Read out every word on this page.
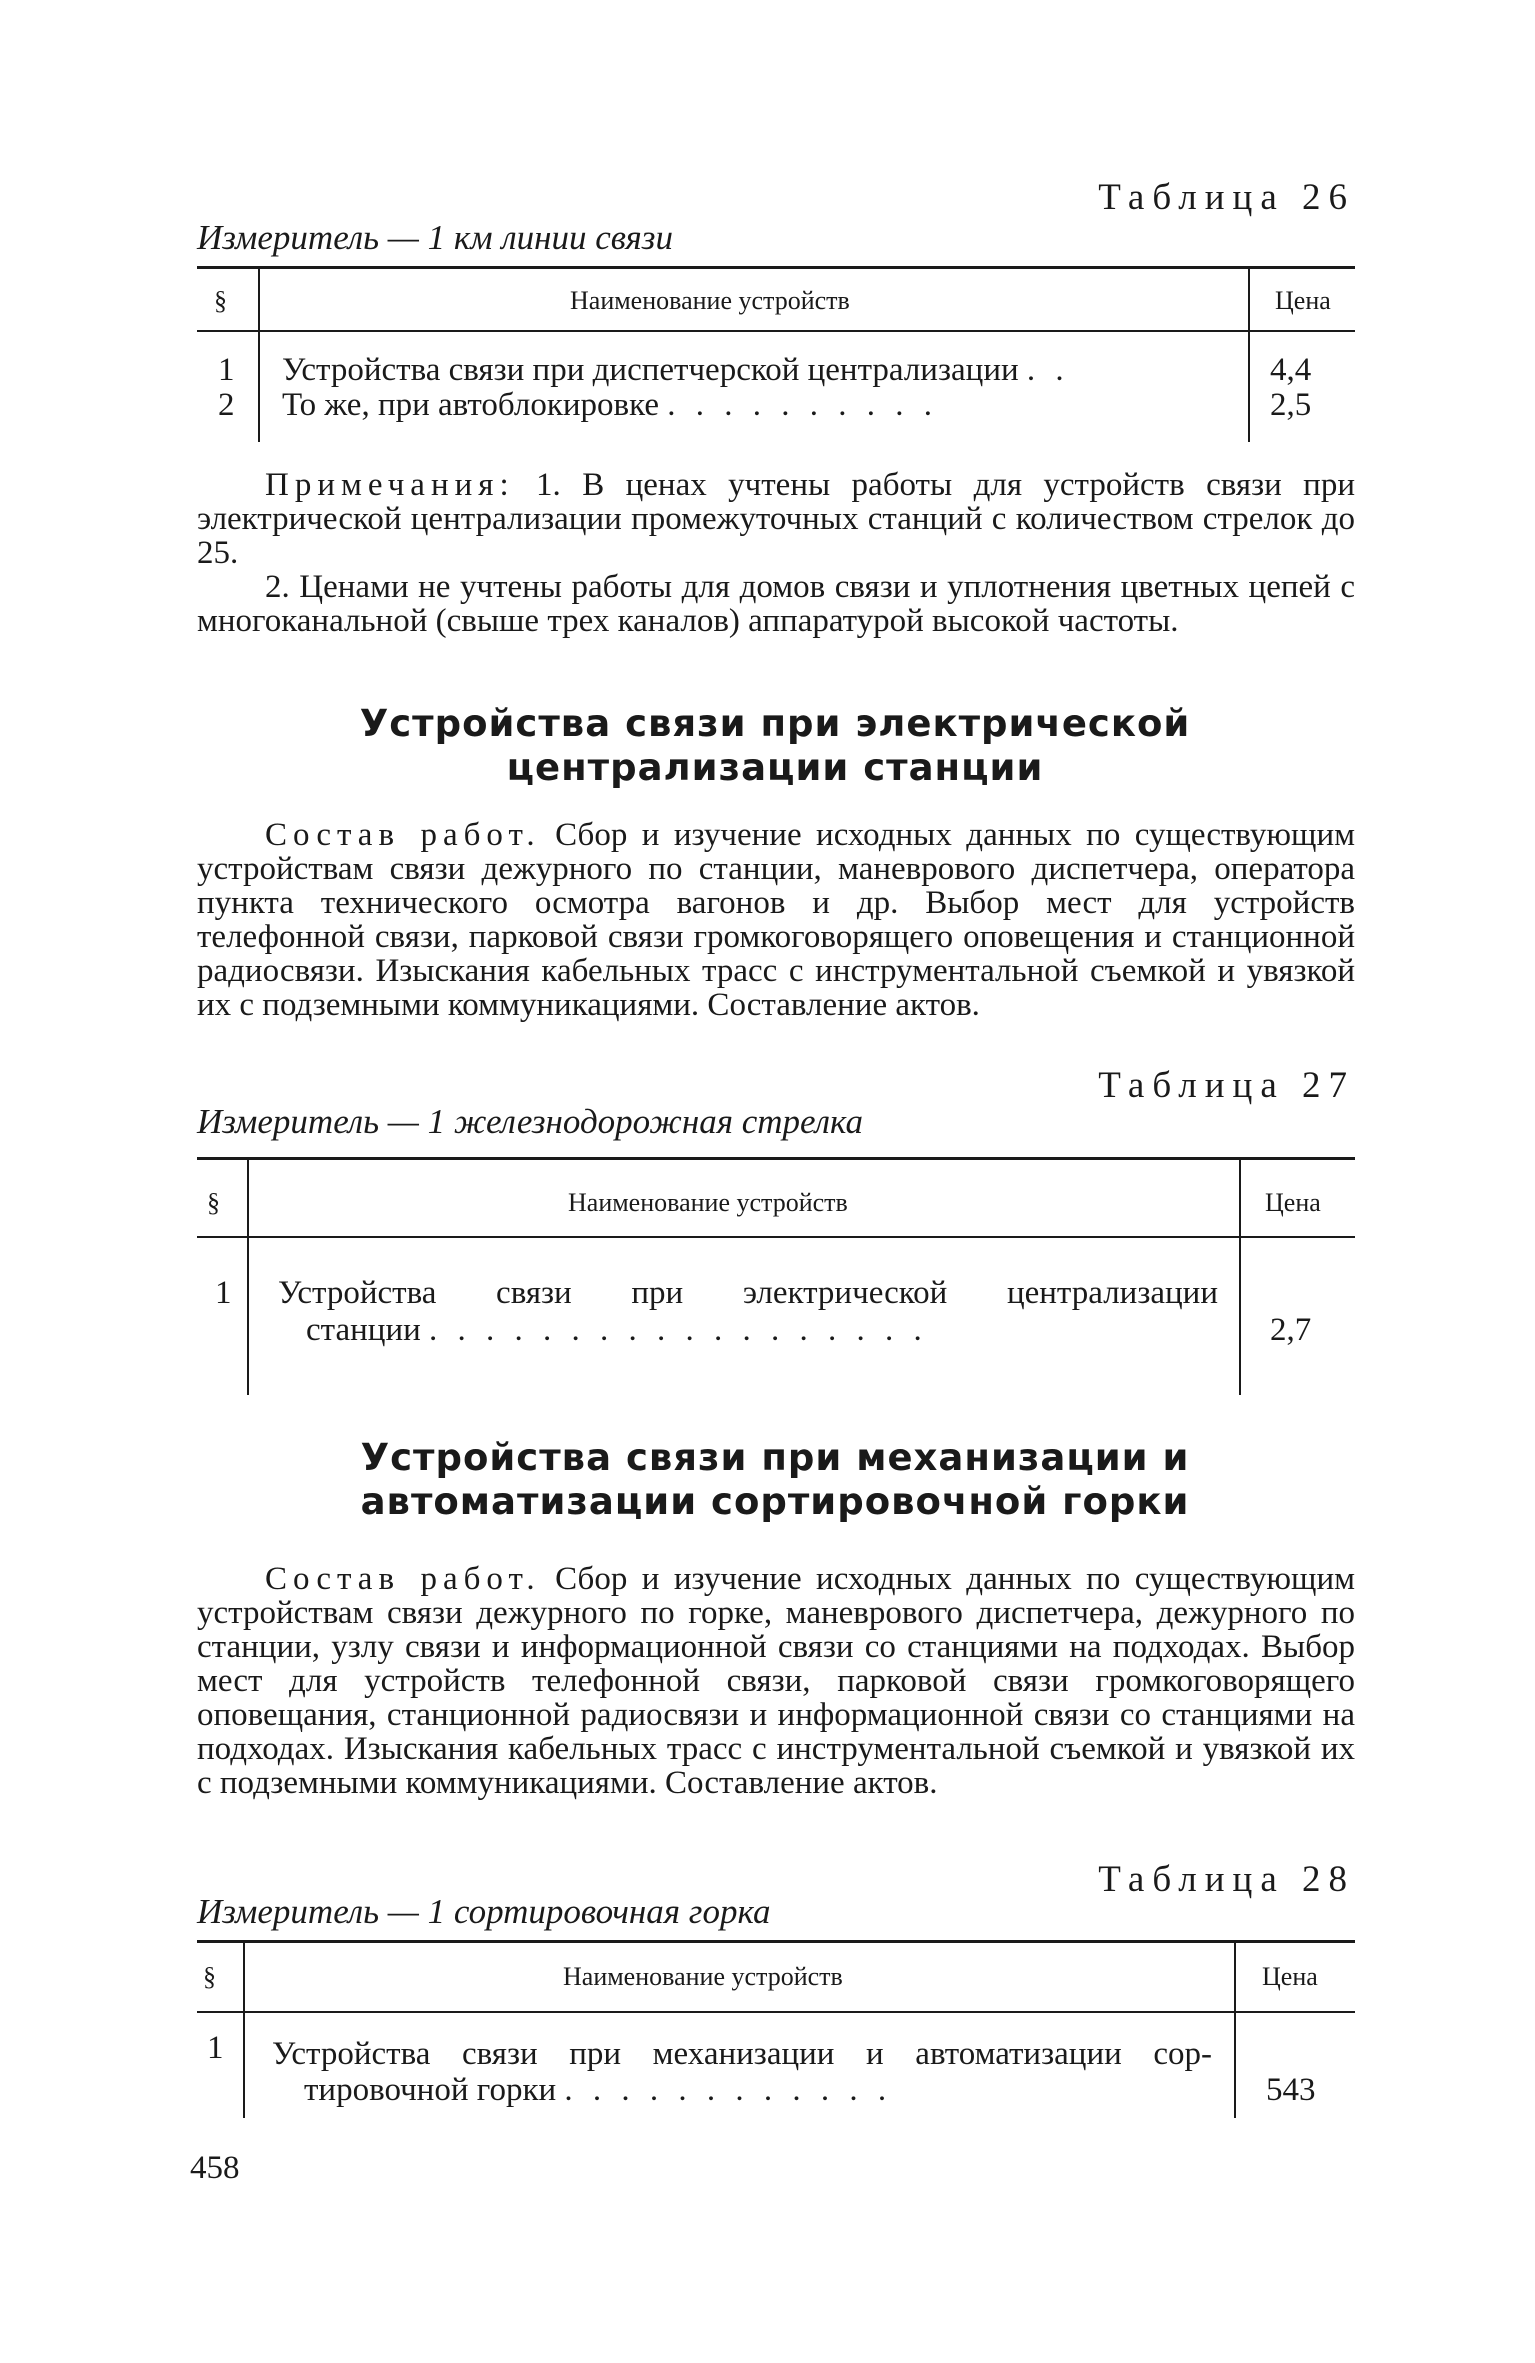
Таблица 26
Измеритель — 1 км линии связи
§	Наименование устройств	Цена
1 Устройства связи при диспетчерской централизации . .	4,4
2 То же, при автоблокировке . . . . . . . . . .	2,5

Примечания: 1. В ценах учтены работы для устройств связи при электрической централизации промежуточных станций с количеством стрелок до 25.

2. Ценами не учтены работы для домов связи и уплотнения цветных цепей с многоканальной (свыше трех каналов) аппаратурой высокой частоты.

Устройства связи при электрической централизации станции

Состав работ. Сбор и изучение исходных данных по существующим устройствам связи дежурного по станции, маневрового диспетчера, оператора пункта технического осмотра вагонов и др. Выбор мест для устройств телефонной связи, парковой связи громкоговорящего оповещения и станционной радиосвязи. Изыскания кабельных трасс с инструментальной съемкой и увязкой их с подземными коммуникациями. Составление актов.

Таблица 27
Измеритель — 1 железнодорожная стрелка
§	Наименование устройств	Цена
1 Устройства связи при электрической централизации
станции . . . . . . . . . . . . . . . . . .	2,7
Устройства связи при механизации и автоматизации сортировочной горки

Состав работ. Сбор и изучение исходных данных по существующим устройствам связи дежурного по горке, маневрового диспетчера, дежурного по станции, узлу связи и информационной связи со станциями на подходах. Выбор мест для устройств телефонной связи, парковой связи громкоговорящего оповещания, станционной радиосвязи и информационной связи со станциями на подходах. Изыскания кабельных трасс с инструментальной съемкой и увязкой их с подземными коммуникациями. Составление актов.

Таблица 28
Измеритель — 1 сортировочная горка
§	Наименование устройств	Цена
1 Устройства связи при механизации и автоматизации сор-
тировочной горки . . . . . . . . . . . .	543
458
